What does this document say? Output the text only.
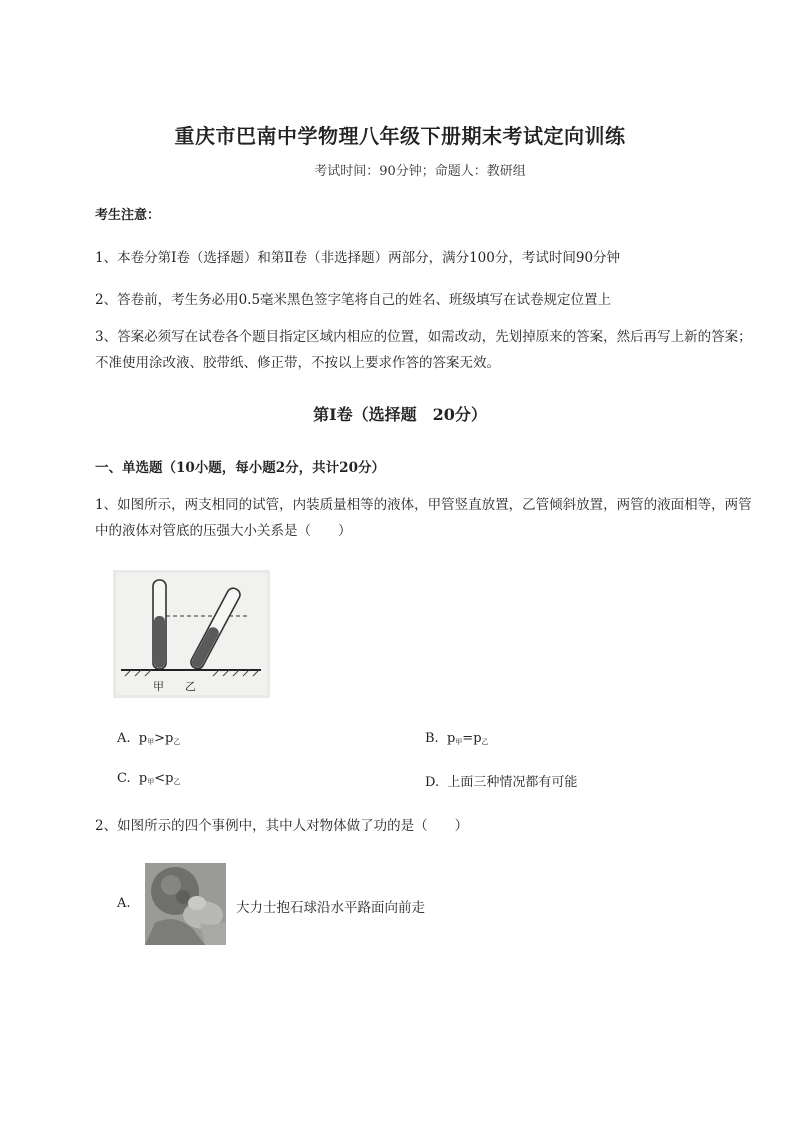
重庆市巴南中学物理八年级下册期末考试定向训练
考试时间：90分钟；命题人：教研组
考生注意：
1、本卷分第Ⅰ卷（选择题）和第Ⅱ卷（非选择题）两部分，满分100分，考试时间90分钟
2、答卷前，考生务必用0.5毫米黑色签字笔将自己的姓名、班级填写在试卷规定位置上
3、答案必须写在试卷各个题目指定区域内相应的位置，如需改动，先划掉原来的答案，然后再写上新的答案；不准使用涂改液、胶带纸、修正带，不按以上要求作答的答案无效。
第Ⅰ卷（选择题　20分）
一、单选题（10小题，每小题2分，共计20分）
1、如图所示，两支相同的试管，内装质量相等的液体，甲管竖直放置，乙管倾斜放置，两管的液面相等，两管中的液体对管底的压强大小关系是（　　）
甲 乙
A. $p_甲>p_乙$	B. $p_甲=p_乙$
C. $p_甲<p_乙$	D. 上面三种情况都有可能
2、如图所示的四个事例中，其中人对物体做了功的是（　　）
A.	大力士抱石球沿水平路面向前走
